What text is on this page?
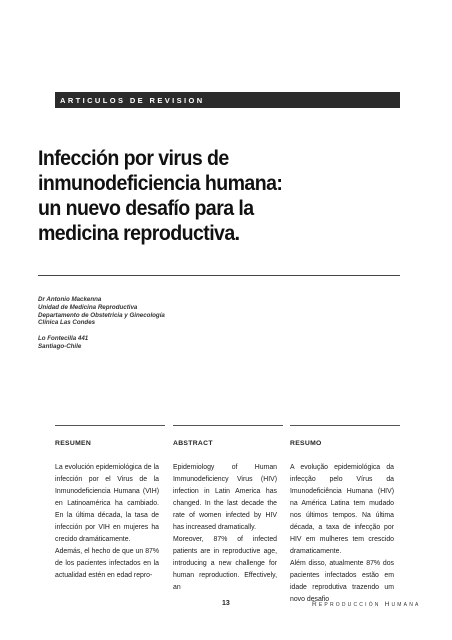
ARTICULOS DE REVISION
Infección por virus de
inmunodeficiencia humana:
un nuevo desafío para la
medicina reproductiva.
Dr Antonio Mackenna
Unidad de Medicina Reproductiva
Departamento de Obstetricia y Ginecología
Clínica Las Condes
Lo Fontecilla 441
Santiago-Chile
RESUMEN

La evolución epidemiológica de la infección por el Virus de la Inmunodeficiencia Humana (VIH) en Latinoamérica ha cambiado. En la última década, la tasa de infección por VIH en mujeres ha crecido dramáticamente.

Además, el hecho de que un 87% de los pacientes infectados en la actualidad estén en edad repro-

ABSTRACT

Epidemiology of Human Immunodeficiency Virus (HIV) infection in Latin America has changed. In the last decade the rate of women infected by HIV has increased dramatically.

Moreover, 87% of infected patients are in reproductive age, introducing a new challenge for human reproduction. Effectively, an

RESUMO

A evolução epidemiológica da infecção pelo Vírus da Imunodeficiência Humana (HIV) na América Latina tem mudado nos últimos tempos. Na última década, a taxa de infecção por HIV em mulheres tem crescido dramaticamente.

Além disso, atualmente 87% dos pacientes infectados estão em idade reprodutiva trazendo um novo desafio

13	Reproducción Humana
